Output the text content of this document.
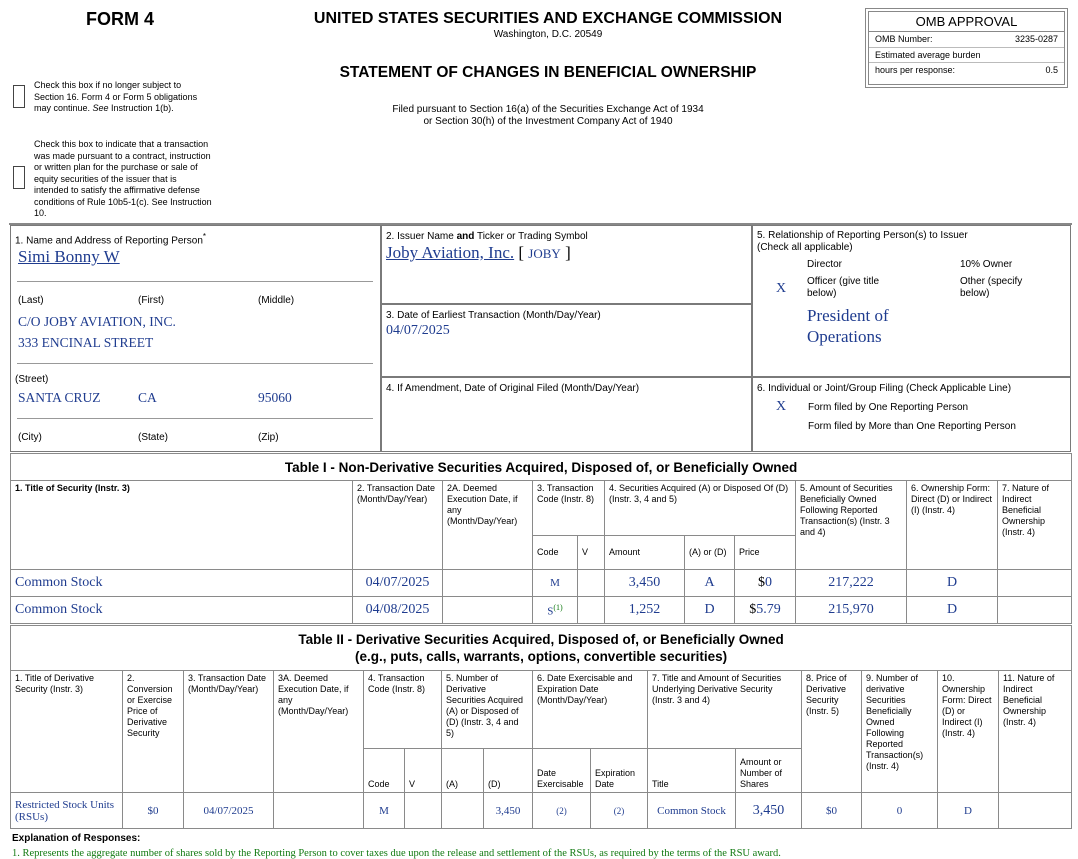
FORM 4	UNITED STATES SECURITIES AND EXCHANGE COMMISSION
Washington, D.C. 20549
STATEMENT OF CHANGES IN BENEFICIAL OWNERSHIP
Filed pursuant to Section 16(a) of the Securities Exchange Act of 1934
or Section 30(h) of the Investment Company Act of 1940
OMB APPROVAL
OMB Number:	3235-0287
Estimated average burden
hours per response:	0.5
Check this box if no longer subject to
Section 16. Form 4 or Form 5 obligations
may continue. See Instruction 1(b).
Check this box to indicate that a transaction
was made pursuant to a contract, instruction
or written plan for the purchase or sale of
equity securities of the issuer that is
intended to satisfy the affirmative defense
conditions of Rule 10b5-1(c). See Instruction
10.
1. Name and Address of Reporting Person*
Simi Bonny W
(Last)	(First)	(Middle)
C/O JOBY AVIATION, INC.
333 ENCINAL STREET
(Street)
SANTA CRUZ	CA	95060
(City)	(State)	(Zip)
2. Issuer Name and Ticker or Trading Symbol
Joby Aviation, Inc. [ JOBY ]
3. Date of Earliest Transaction (Month/Day/Year)
04/07/2025
4. If Amendment, Date of Original Filed (Month/Day/Year)
5. Relationship of Reporting Person(s) to Issuer
(Check all applicable)
Director	10% Owner
X Officer (give title
below)
Other (specify
below)
President of
Operations
6. Individual or Joint/Group Filing (Check Applicable Line)
X Form filed by One Reporting Person
Form filed by More than One Reporting Person
Table I - Non-Derivative Securities Acquired, Disposed of, or Beneficially Owned										
1. Title of Security (Instr. 3)	2. Transaction Date (Month/Day/Year)	2A. Deemed Execution Date, if any (Month/Day/Year)	3. Transaction Code (Instr. 8)		4. Securities Acquired (A) or Disposed Of (D) (Instr. 3, 4 and 5)			5. Amount of Securities Beneficially Owned Following Reported Transaction(s) (Instr. 3 and 4)	6. Ownership Form: Direct (D) or Indirect (I) (Instr. 4)	7. Nature of Indirect Beneficial Ownership (Instr. 4)
			Code	V	Amount	(A) or (D)	Price			
Common Stock	04/07/2025		M		3,450	A	$0	217,222	D	
Common Stock	04/08/2025		$S^{(1)}$		1,252	D	$5.79	215,970	D	
Table II - Derivative Securities Acquired, Disposed of, or Beneficially Owned
(e.g., puts, calls, warrants, options, convertible securities)															

1. Title of Derivative Security (Instr. 3)	2. Conversion or Exercise Price of Derivative Security	3. Transaction Date (Month/Day/Year)	3A. Deemed Execution Date, if any (Month/Day/Year)	4. Transaction Code (Instr. 8)		5. Number of Derivative Securities Acquired (A) or Disposed of (D) (Instr. 3, 4 and 5)		6. Date Exercisable and Expiration Date (Month/Day/Year)		7. Title and Amount of Securities Underlying Derivative Security (Instr. 3 and 4)		8. Price of Derivative Security (Instr. 5)	9. Number of derivative Securities Beneficially Owned Following Reported Transaction(s) (Instr. 4)	10. Ownership Form: Direct (D) or Indirect (I) (Instr. 4)	11. Nature of Indirect Beneficial Ownership (Instr. 4)
				Code	V	(A)	(D)	Date Exercisable	Expiration Date	Title	Amount or Number of Shares				
Restricted Stock Units (RSUs)	$0	04/07/2025		M			3,450	(2)	(2)	Common Stock	3,450	$0	0	D	
Explanation of Responses:
1. Represents the aggregate number of shares sold by the Reporting Person to cover taxes due upon the release and settlement of the RSUs, as required by the terms of the RSU award.
